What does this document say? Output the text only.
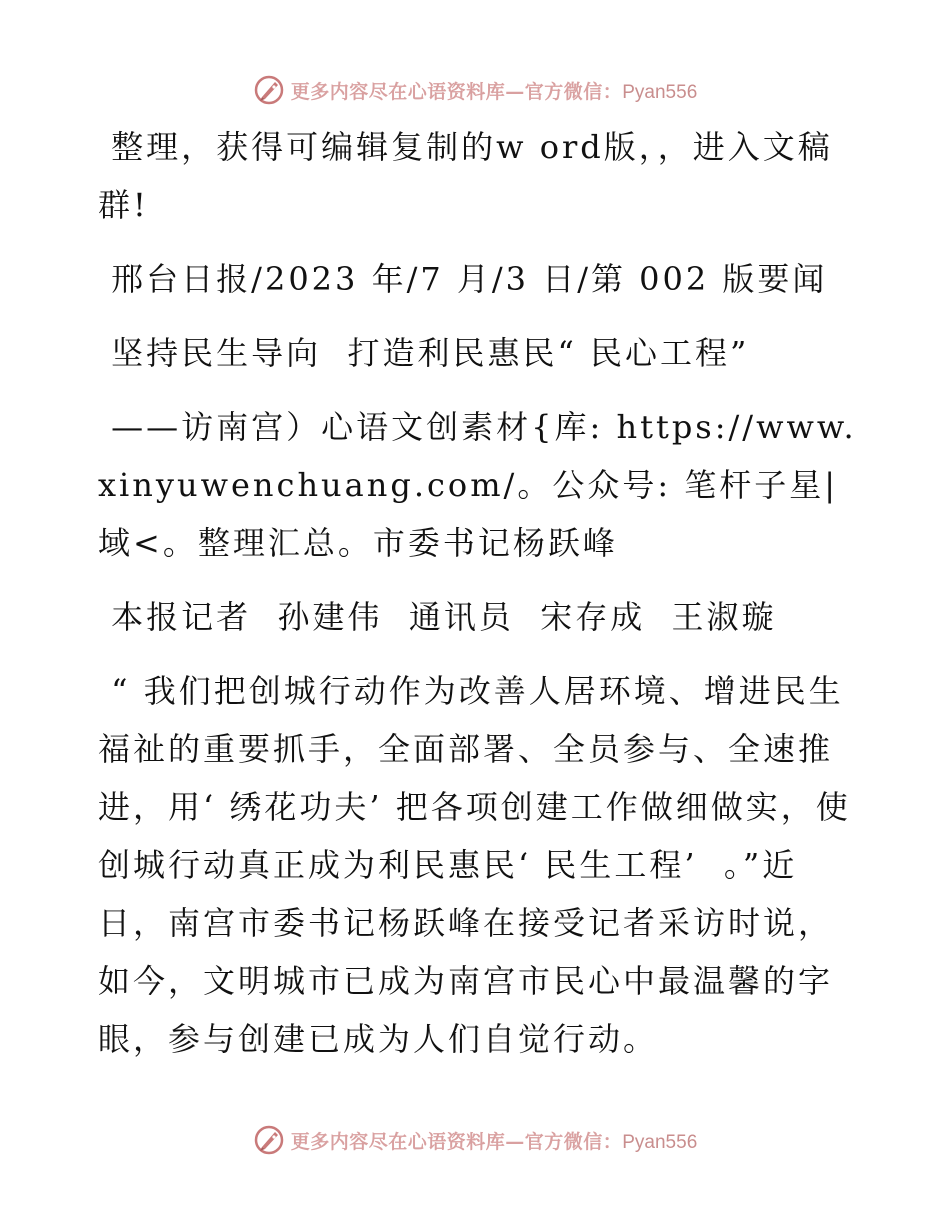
更多内容尽在心语资料库—官方微信：Pyan556

整理，获得可编辑复制的w ord版，，进入文稿群!

邢台日报/2023 年/7 月/3 日/第 002 版要闻

坚持民生导向  打造利民惠民“ 民心工程”

——访南宫）心语文创素材{库: https://www.xinyuwenchuang.com/。公众号: 笔杆子星|域<。整理汇总。市委书记杨跃峰

本报记者  孙建伟  通讯员  宋存成  王淑璇

“ 我们把创城行动作为改善人居环境、增进民生福祉的重要抓手，全面部署、全员参与、全速推进，用‘ 绣花功夫’ 把各项创建工作做细做实，使创城行动真正成为利民惠民‘ 民生工程’  。”近日，南宫市委书记杨跃峰在接受记者采访时说，如今，文明城市已成为南宫市民心中最温馨的字眼，参与创建已成为人们自觉行动。

更多内容尽在心语资料库—官方微信：Pyan556
